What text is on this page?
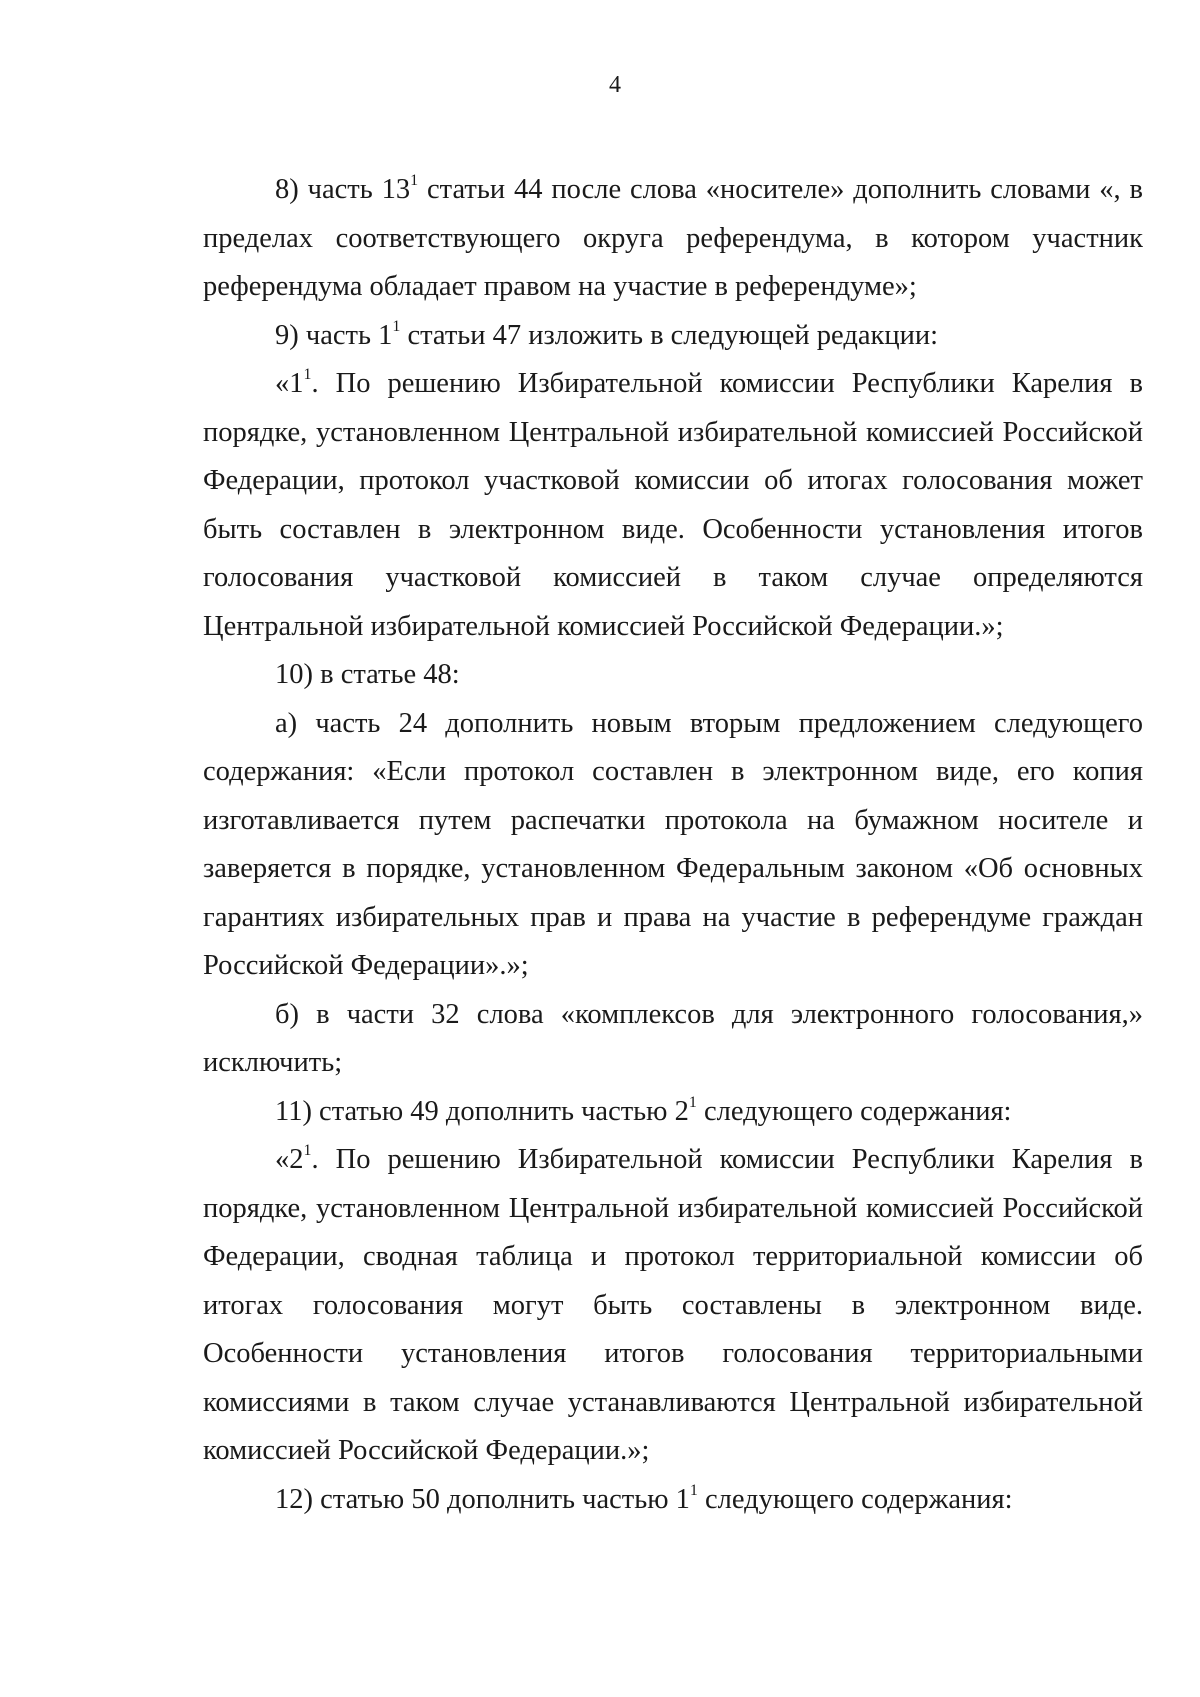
4

8) часть $13^1$ статьи 44 после слова «носителе» дополнить словами «, в пределах соответствующего округа референдума, в котором участник референдума обладает правом на участие в референдуме»;

9) часть $1^1$ статьи 47 изложить в следующей редакции:

«$1^1$. По решению Избирательной комиссии Республики Карелия в порядке, установленном Центральной избирательной комиссией Российской Федерации, протокол участковой комиссии об итогах голосования может быть составлен в электронном виде. Особенности установления итогов голосования участковой комиссией в таком случае определяются Центральной избирательной комиссией Российской Федерации.»;

10) в статье 48:

а) часть 24 дополнить новым вторым предложением следующего содержания: «Если протокол составлен в электронном виде, его копия изготавливается путем распечатки протокола на бумажном носителе и заверяется в порядке, установленном Федеральным законом «Об основных гарантиях избирательных прав и права на участие в референдуме граждан Российской Федерации».»;

б) в части 32 слова «комплексов для электронного голосования,» исключить;

11) статью 49 дополнить частью $2^1$ следующего содержания:

«$2^1$. По решению Избирательной комиссии Республики Карелия в порядке, установленном Центральной избирательной комиссией Российской Федерации, сводная таблица и протокол территориальной комиссии об итогах голосования могут быть составлены в электронном виде. Особенности установления итогов голосования территориальными комиссиями в таком случае устанавливаются Центральной избирательной комиссией Российской Федерации.»;

12) статью 50 дополнить частью $1^1$ следующего содержания:
